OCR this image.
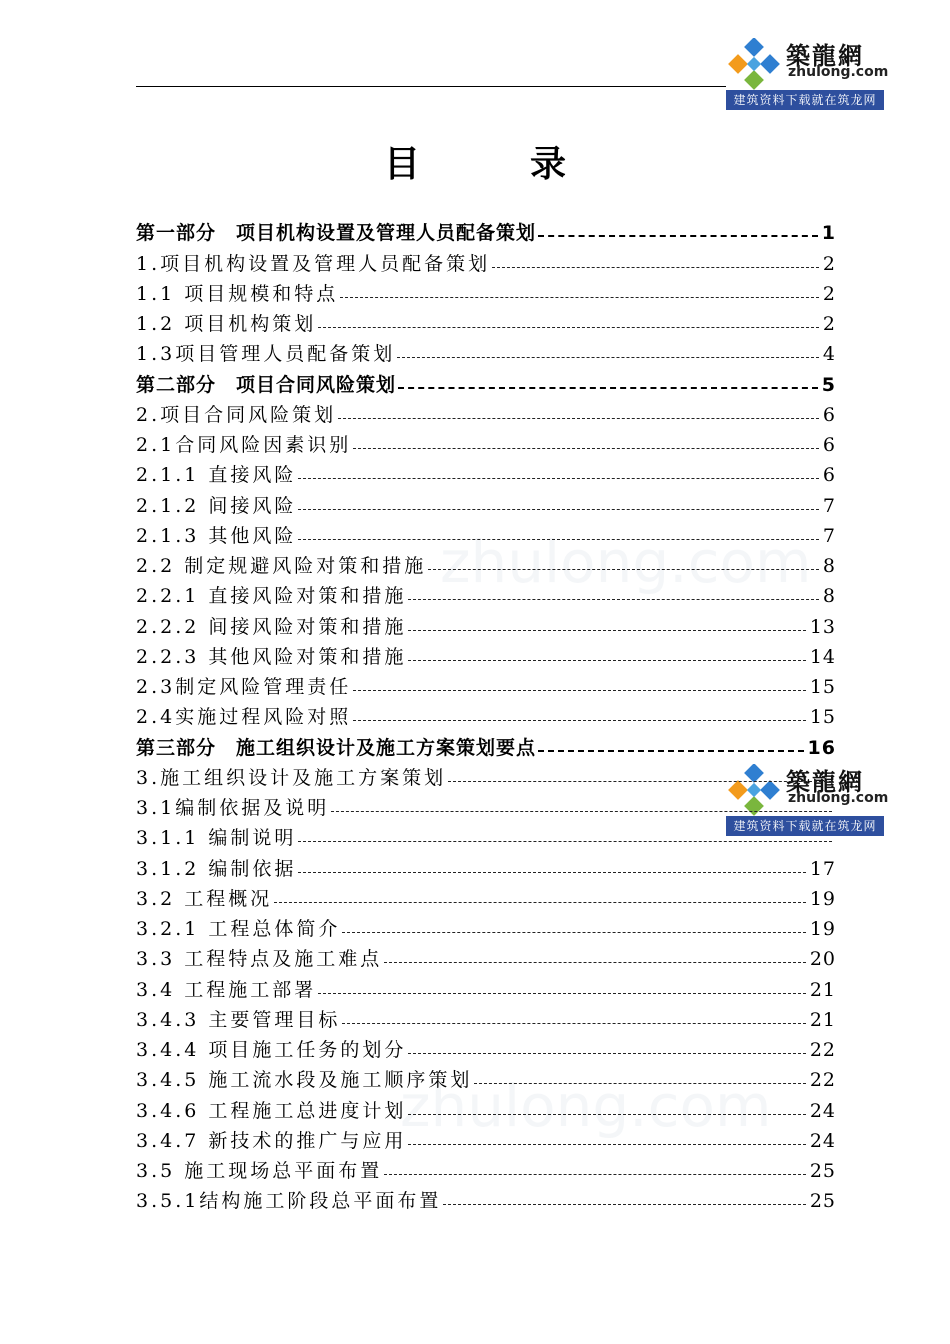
築龍網
zhulong.com
建筑资料下载就在筑龙网
築龍網
zhulong.com
建筑资料下载就在筑龙网
zhulong.com
zhulong.com
目录
第一部分　项目机构设置及管理人员配备策划	1
1.项目机构设置及管理人员配备策划	2
1.1 项目规模和特点	2
1.2 项目机构策划	2
1.3项目管理人员配备策划	4
第二部分　项目合同风险策划	5
2.项目合同风险策划	6
2.1合同风险因素识别	6
2.1.1 直接风险	6
2.1.2 间接风险	7
2.1.3 其他风险	7
2.2 制定规避风险对策和措施	8
2.2.1 直接风险对策和措施	8
2.2.2 间接风险对策和措施	13
2.2.3 其他风险对策和措施	14
2.3制定风险管理责任	15
2.4实施过程风险对照	15
第三部分　施工组织设计及施工方案策划要点	16
3.施工组织设计及施工方案策划
3.1编制依据及说明
3.1.1 编制说明
3.1.2 编制依据	17
3.2 工程概况	19
3.2.1 工程总体简介	19
3.3 工程特点及施工难点	20
3.4 工程施工部署	21
3.4.3 主要管理目标	21
3.4.4 项目施工任务的划分	22
3.4.5 施工流水段及施工顺序策划	22
3.4.6 工程施工总进度计划	24
3.4.7 新技术的推广与应用	24
3.5 施工现场总平面布置	25
3.5.1结构施工阶段总平面布置	25
